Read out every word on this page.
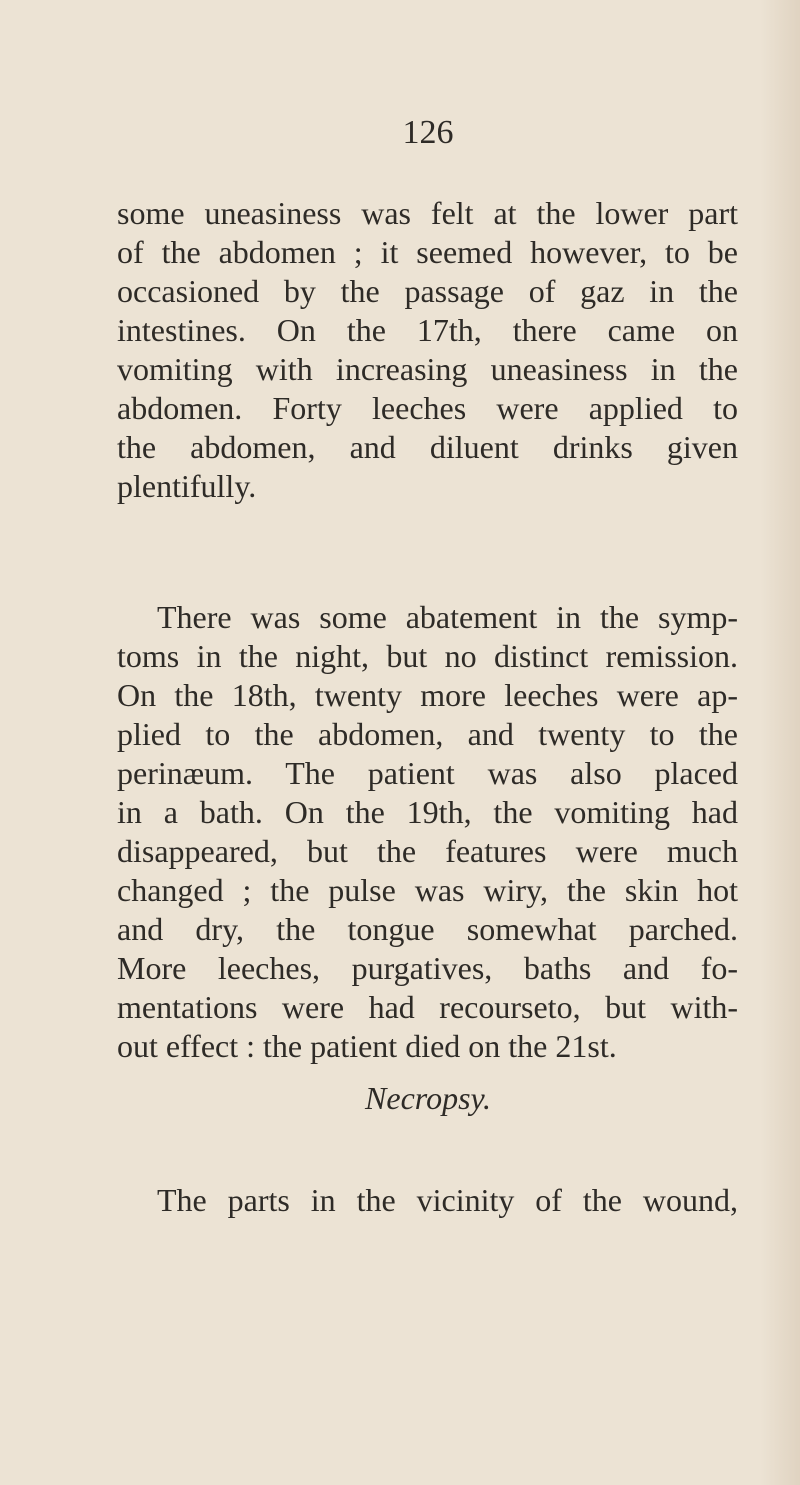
126
some uneasiness was felt at the lower part
of the abdomen ; it seemed however, to be
occasioned by the passage of gaz in the
intestines. On the 17th, there came on
vomiting with increasing uneasiness in the
abdomen. Forty leeches were applied to
the abdomen, and diluent drinks given
plentifully.
There was some abatement in the symp-
toms in the night, but no distinct remission.
On the 18th, twenty more leeches were ap-
plied to the abdomen, and twenty to the
perinæum. The patient was also placed
in a bath. On the 19th, the vomiting had
disappeared, but the features were much
changed ; the pulse was wiry, the skin hot
and dry, the tongue somewhat parched.
More leeches, purgatives, baths and fo-
mentations were had recourseto, but with-
out effect : the patient died on the 21st.
The parts in the vicinity of the wound,
Necropsy.
